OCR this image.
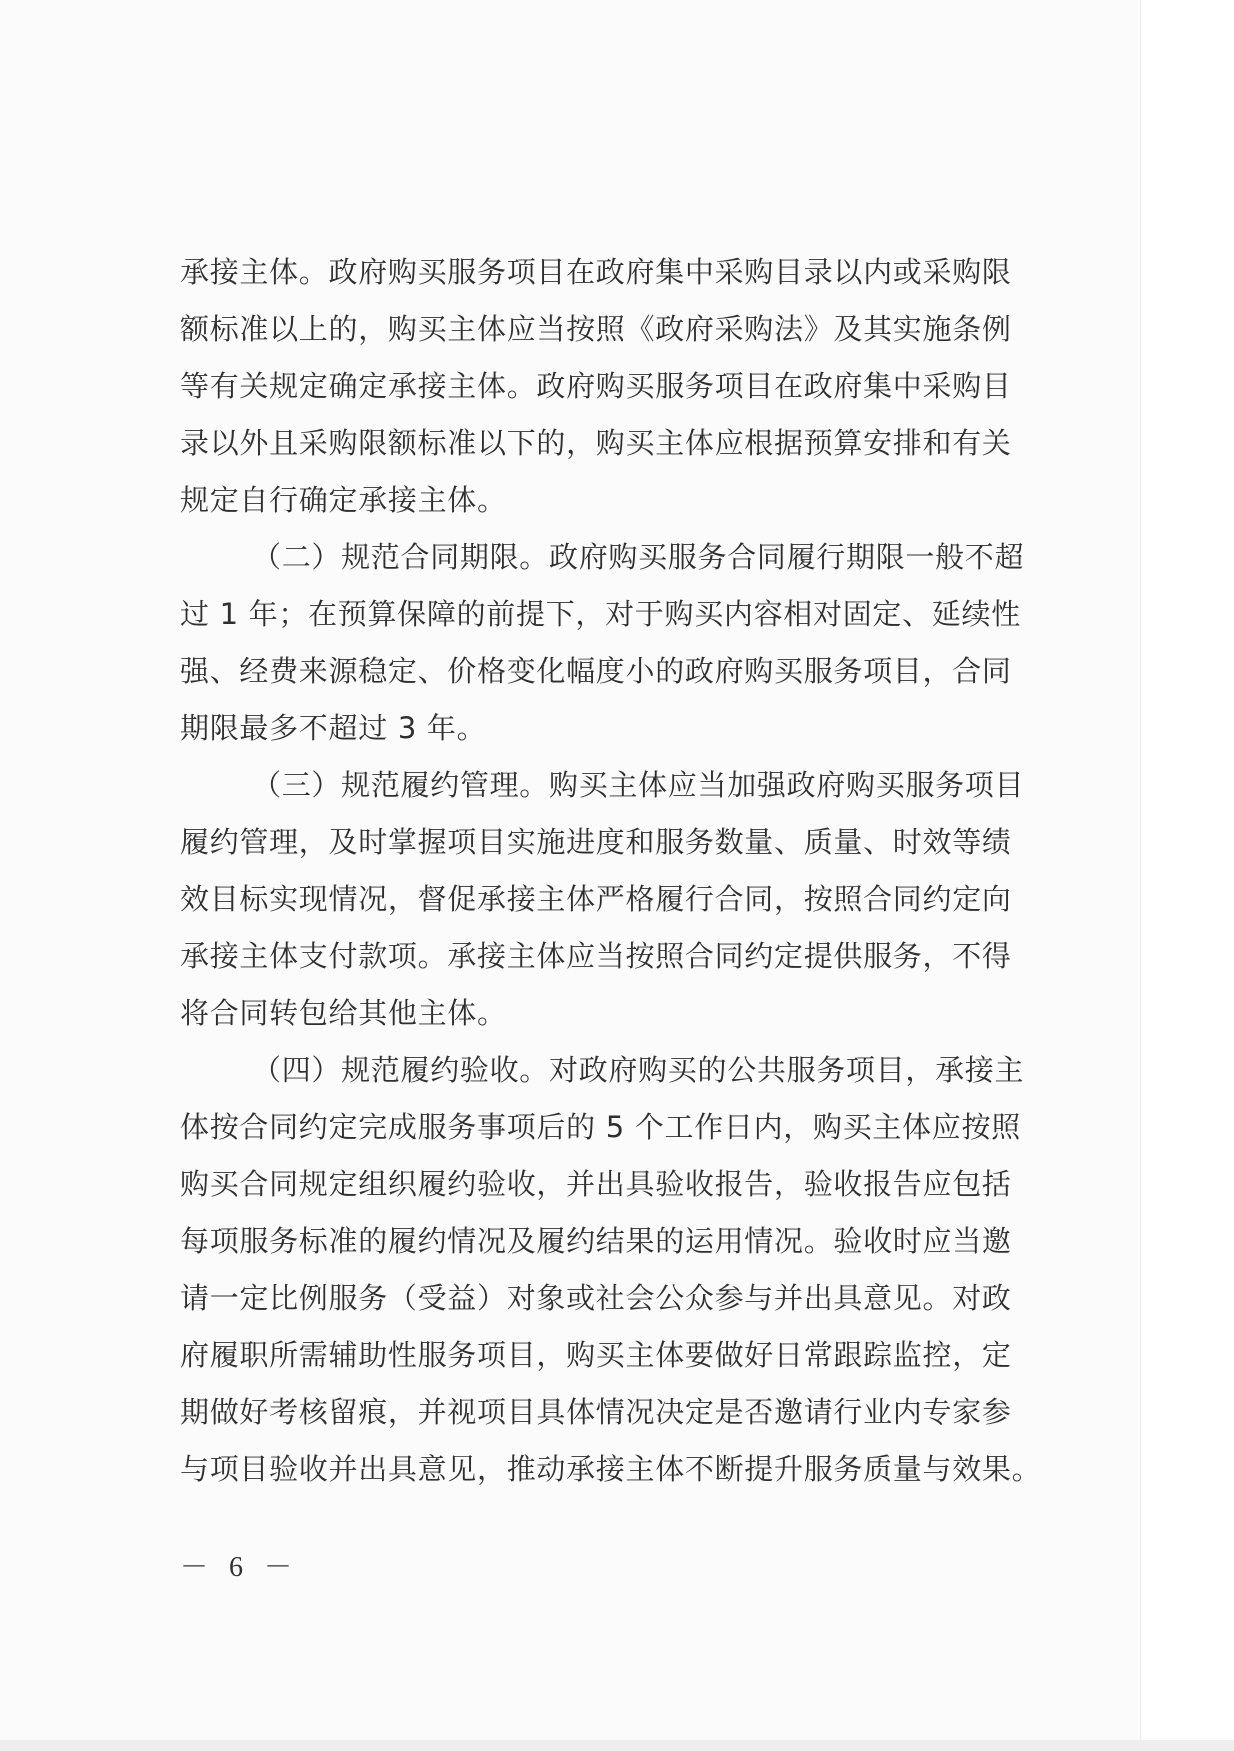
承接主体。政府购买服务项目在政府集中采购目录以内或采购限
额标准以上的，购买主体应当按照《政府采购法》及其实施条例
等有关规定确定承接主体。政府购买服务项目在政府集中采购目
录以外且采购限额标准以下的，购买主体应根据预算安排和有关
规定自行确定承接主体。
（二）规范合同期限。政府购买服务合同履行期限一般不超
过 1 年；在预算保障的前提下，对于购买内容相对固定、延续性
强、经费来源稳定、价格变化幅度小的政府购买服务项目，合同
期限最多不超过 3 年。
（三）规范履约管理。购买主体应当加强政府购买服务项目
履约管理，及时掌握项目实施进度和服务数量、质量、时效等绩
效目标实现情况，督促承接主体严格履行合同，按照合同约定向
承接主体支付款项。承接主体应当按照合同约定提供服务，不得
将合同转包给其他主体。
（四）规范履约验收。对政府购买的公共服务项目，承接主
体按合同约定完成服务事项后的 5 个工作日内，购买主体应按照
购买合同规定组织履约验收，并出具验收报告，验收报告应包括
每项服务标准的履约情况及履约结果的运用情况。验收时应当邀
请一定比例服务（受益）对象或社会公众参与并出具意见。对政
府履职所需辅助性服务项目，购买主体要做好日常跟踪监控，定
期做好考核留痕，并视项目具体情况决定是否邀请行业内专家参
与项目验收并出具意见，推动承接主体不断提升服务质量与效果。
－ 6 －
